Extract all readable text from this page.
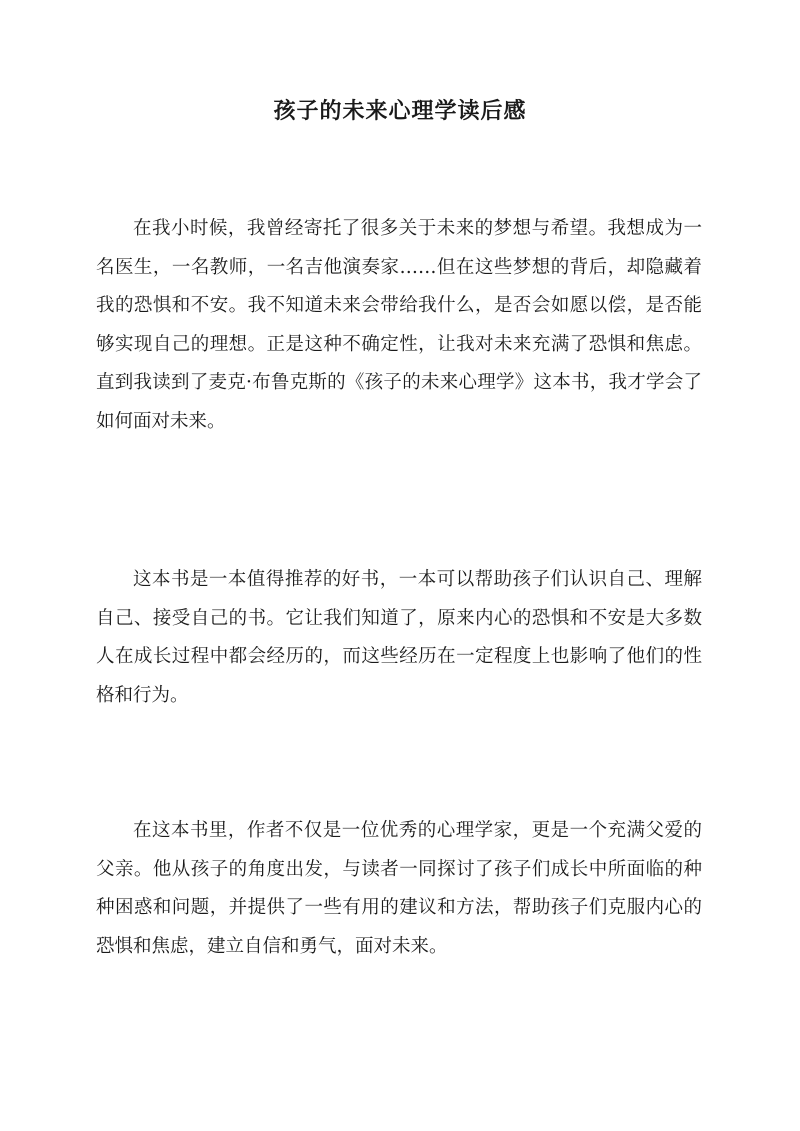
孩子的未来心理学读后感

在我小时候，我曾经寄托了很多关于未来的梦想与希望。我想成为一名医生，一名教师，一名吉他演奏家……但在这些梦想的背后，却隐藏着我的恐惧和不安。我不知道未来会带给我什么，是否会如愿以偿，是否能够实现自己的理想。正是这种不确定性，让我对未来充满了恐惧和焦虑。直到我读到了麦克·布鲁克斯的《孩子的未来心理学》这本书，我才学会了如何面对未来。

这本书是一本值得推荐的好书，一本可以帮助孩子们认识自己、理解自己、接受自己的书。它让我们知道了，原来内心的恐惧和不安是大多数人在成长过程中都会经历的，而这些经历在一定程度上也影响了他们的性格和行为。

在这本书里，作者不仅是一位优秀的心理学家，更是一个充满父爱的父亲。他从孩子的角度出发，与读者一同探讨了孩子们成长中所面临的种种困惑和问题，并提供了一些有用的建议和方法，帮助孩子们克服内心的恐惧和焦虑，建立自信和勇气，面对未来。
